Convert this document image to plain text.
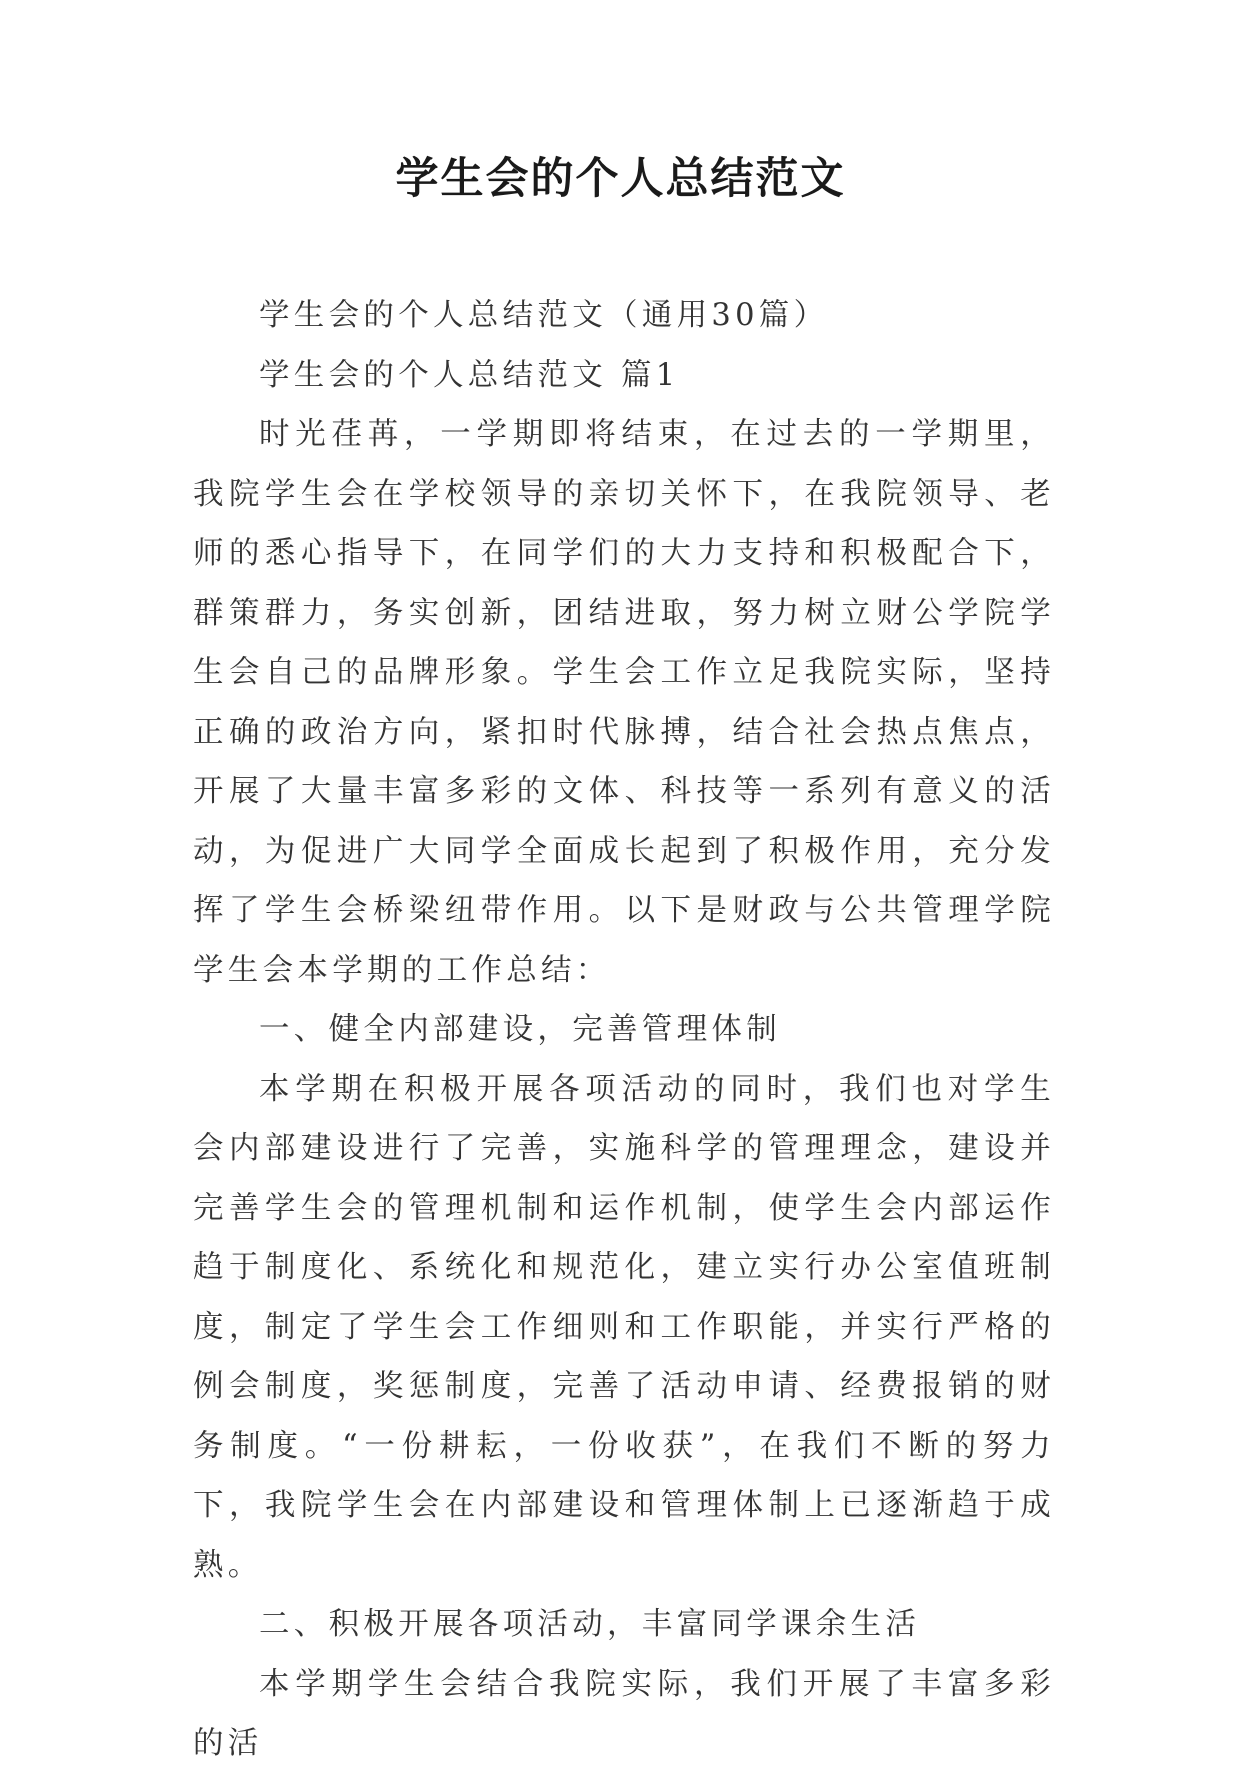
学生会的个人总结范文

学生会的个人总结范文（通用30篇）

学生会的个人总结范文 篇1

时光荏苒，一学期即将结束，在过去的一学期里，我院学生会在学校领导的亲切关怀下，在我院领导、老师的悉心指导下，在同学们的大力支持和积极配合下，群策群力，务实创新，团结进取，努力树立财公学院学生会自己的品牌形象。学生会工作立足我院实际，坚持正确的政治方向，紧扣时代脉搏，结合社会热点焦点，开展了大量丰富多彩的文体、科技等一系列有意义的活动，为促进广大同学全面成长起到了积极作用，充分发挥了学生会桥梁纽带作用。以下是财政与公共管理学院学生会本学期的工作总结：

一、健全内部建设，完善管理体制

本学期在积极开展各项活动的同时，我们也对学生会内部建设进行了完善，实施科学的管理理念，建设并完善学生会的管理机制和运作机制，使学生会内部运作趋于制度化、系统化和规范化，建立实行办公室值班制度，制定了学生会工作细则和工作职能，并实行严格的例会制度，奖惩制度，完善了活动申请、经费报销的财务制度。“一份耕耘，一份收获”，在我们不断的努力下，我院学生会在内部建设和管理体制上已逐渐趋于成熟。

二、积极开展各项活动，丰富同学课余生活

本学期学生会结合我院实际，我们开展了丰富多彩的活
